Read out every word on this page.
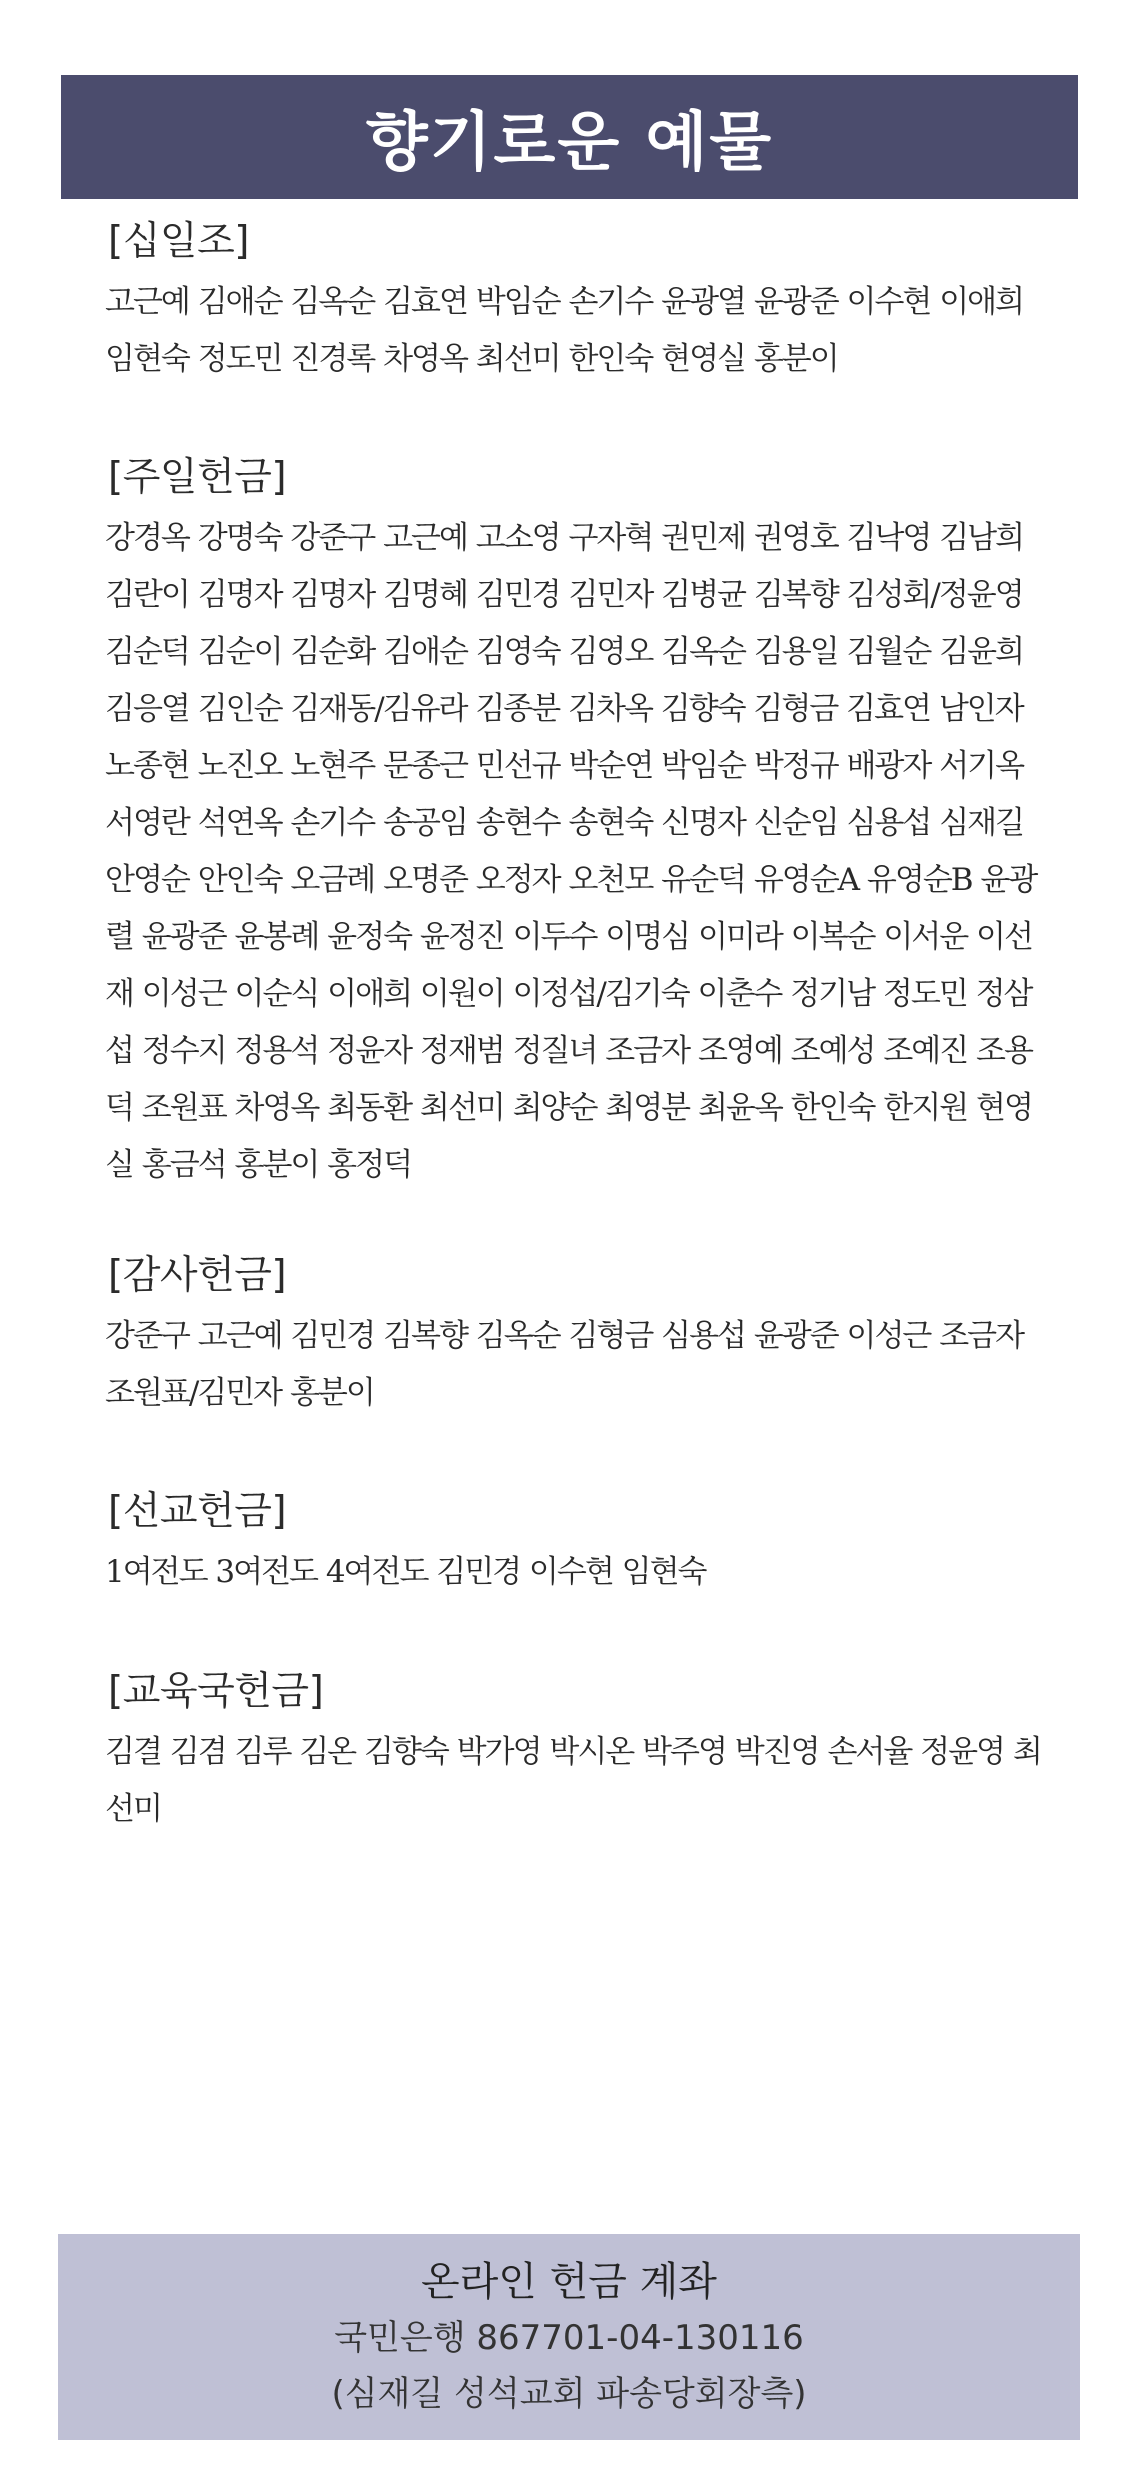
향기로운 예물
[십일조]

고근예 김애순 김옥순 김효연 박임순 손기수 윤광열 윤광준 이수현 이애희 임현숙 정도민 진경록 차영옥 최선미 한인숙 현영실 홍분이

[주일헌금]

강경옥 강명숙 강준구 고근예 고소영 구자혁 권민제 권영호 김낙영 김남희 김란이 김명자 김명자 김명혜 김민경 김민자 김병균 김복향 김성회/정윤영 김순덕 김순이 김순화 김애순 김영숙 김영오 김옥순 김용일 김월순 김윤희 김응열 김인순 김재동/김유라 김종분 김차옥 김향숙 김형금 김효연 남인자 노종현 노진오 노현주 문종근 민선규 박순연 박임순 박정규 배광자 서기옥 서영란 석연옥 손기수 송공임 송현수 송현숙 신명자 신순임 심용섭 심재길 안영순 안인숙 오금례 오명준 오정자 오천모 유순덕 유영순A 유영순B 윤광렬 윤광준 윤봉례 윤정숙 윤정진 이두수 이명심 이미라 이복순 이서운 이선재 이성근 이순식 이애희 이원이 이정섭/김기숙 이춘수 정기남 정도민 정삼섭 정수지 정용석 정윤자 정재범 정질녀 조금자 조영예 조예성 조예진 조용덕 조원표 차영옥 최동환 최선미 최양순 최영분 최윤옥 한인숙 한지원 현영실 홍금석 홍분이 홍정덕

[감사헌금]

강준구 고근예 김민경 김복향 김옥순 김형금 심용섭 윤광준 이성근 조금자 조원표/김민자 홍분이

[선교헌금]

1여전도 3여전도 4여전도 김민경 이수현 임현숙

[교육국헌금]

김결 김겸 김루 김온 김향숙 박가영 박시온 박주영 박진영 손서율 정윤영 최선미

온라인 헌금 계좌

국민은행 867701-04-130116

(심재길 성석교회 파송당회장측)
